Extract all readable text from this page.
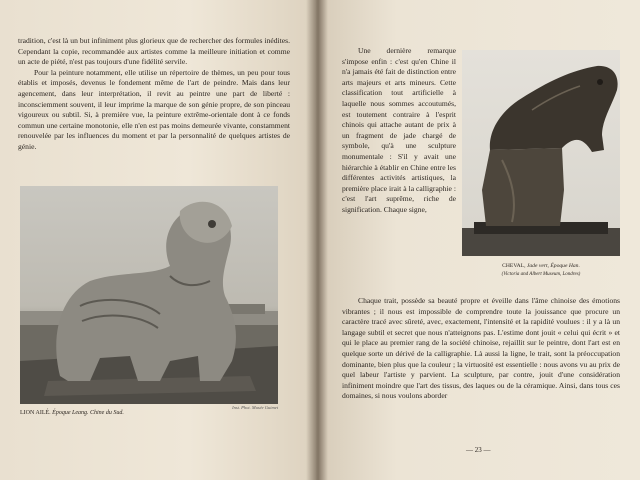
tradition, c'est là un but infiniment plus glorieux que de rechercher des formules inédites. Cependant la copie, recommandée aux artistes comme la meilleure initiation et comme un acte de piété, n'est pas toujours d'une fidélité servile.

Pour la peinture notamment, elle utilise un répertoire de thèmes, un peu pour tous établis et imposés, devenus le fondement même de l'art de peindre. Mais dans leur agencement, dans leur interprétation, il revit au peintre une part de liberté : inconsciemment souvent, il leur imprime la marque de son génie propre, de son pinceau vigoureux ou subtil. Si, à première vue, la peinture extrême-orientale dont à ce fonds commun une certaine monotonie, elle n'en est pas moins demeurée vivante, constamment renouvelée par les influences du moment et par la personnalité de quelques artistes de génie.

LION AILÉ. Époque Leang. Chine du Sud.
Inst. Phot. Musée Guimet

Une dernière remarque s'impose enfin : c'est qu'en Chine il n'a jamais été fait de distinction entre arts majeurs et arts mineurs. Cette classification tout artificielle à laquelle nous sommes accoutumés, est toutement contraire à l'esprit chinois qui attache autant de prix à un fragment de jade chargé de symbole, qu'à une sculpture monumentale : S'il y avait une hiérarchie à établir en Chine entre les différentes activités artistiques, la première place irait à la calligraphie : c'est l'art suprême, riche de signification. Chaque signe,

CHEVAL, Jade vert, Époque Han.
(Victoria and Albert Museum, Londres)

Chaque trait, possède sa beauté propre et éveille dans l'âme chinoise des émotions vibrantes ; il nous est impossible de comprendre toute la jouissance que procure un caractère tracé avec sûreté, avec, exactement, l'intensité et la rapidité voulues : il y a là un langage subtil et secret que nous n'atteignons pas. L'estime dont jouit « celui qui écrit » et qui le place au premier rang de la société chinoise, rejaillit sur le peintre, dont l'art est en quelque sorte un dérivé de la calligraphie. Là aussi la ligne, le trait, sont la préoccupation dominante, bien plus que la couleur ; la virtuosité est essentielle : nous avons vu au prix de quel labeur l'artiste y parvient. La sculpture, par contre, jouit d'une considération infiniment moindre que l'art des tissus, des laques ou de la céramique. Ainsi, dans tous ces domaines, si nous voulons aborder

— 23 —
